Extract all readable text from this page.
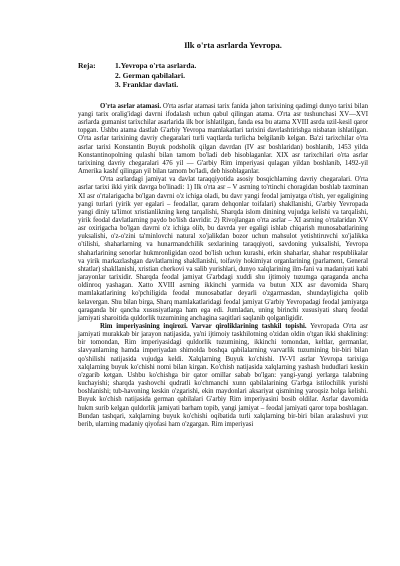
Ilk o'rta asrlarda Yevropa.
Reja:	1.Yevropa o'rta asrlarda.
2. German qabilalari.
3. Franklar davlati.

O'rta asrlar atamasi. O'rta asrlar atamasi tarix fanida jahon tarixining qadimgi dunyo tarixi bilan yangi tarix oralig'idagi davrni ifodalash uchun qabul qilingan atama. O'rta asr tushunchasi XV—XVI asrlarda gumanist tarixchilar asarlarida ilk bor ishlatilgan, fanda esa bu atama XVIII asrda uzil-kesil qaror topgan. Ushbu atama dastlab G'arbiy Yevropa mamlakatlari tarixini davrlashtirishga nisbatan ishlatilgan. O'rta asrlar tarixining davriy chegaralari turli vaqtlarda turlicha belgilanib kelgan. Ba'zi tarixchilar o'rta asrlar tarixi Konstantin Buyuk podsholik qilgan davrdan (IV asr boshlaridan) boshlanib, 1453 yilda Konstantinopolning qulashi bilan tamom bo'ladi deb hisoblaganlar. XIX asr tarixchilari o'rta asrlar tarixining davriy chegaralari 476 yil — G'arbiy Rim imperiyasi qulagan yildan boshlanib, 1492-yil Amerika kashf qilingan yil bilan tamom bo'ladi, deb hisoblaganlar.

O'rta asrlardagi jamiyat va davlat taraqqiyotida asosiy bosqichlarning davriy chegaralari. O'rta asrlar tarixi ikki yirik davrga bo'linadi: 1) Ilk o'rta asr – V asrning to'rtinchi choragidan boshlab taxminan XI asr o'rtalarigacha bo'lgan davrni o'z ichiga oladi, bu davr yangi feodal jamiyatga o'tish, yer egaligining yangi turlari (yirik yer egalari – feodallar, qaram dehqonlar toifalari) shakllanishi, G'arbiy Yevropada yangi diniy ta'limot xristianlikning keng tarqalishi, Sharqda islom dinining vujudga kelishi va tarqalishi, yirik feodal davlatlarning paydo bo'lish davridir. 2) Rivojlangan o'rta asrlar – XI asrning o'rtalaridan XV asr oxirigacha bo'lgan davrni o'z ichiga olib, bu davrda yer egaligi ishlab chiqarish munosabatlarining yuksalishi, o'z-o'zini ta'minlovchi natural xo'jalikdan bozor uchun mahsulot yetishtiruvchi xo'jalikka o'tilishi, shaharlarning va hunarmandchilik sexlarining taraqqiyoti, savdoning yuksalishi, Yevropa shaharlarining senorlar hukmronligidan ozod bo'lish uchun kurashi, erkin shaharlar, shahar respublikalar va yirik markazlashgan davlatlarning shakllanishi, toifaviy hokimiyat organlarining (parlament, General shtatlar) shakllanishi, xristian cherkovi va salib yurishlari, dunyo xalqlarining ilm-fani va madaniyati kabi jarayonlar tarixidir. Sharqda feodal jamiyat G'arbdagi xuddi shu ijtimoiy tuzumga qaraganda ancha oldinroq yashagan. Xatto XVIII asrning ikkinchi yarmida va butun XIX asr davomida Sharq mamlakatlarining ko'pchiligida feodal munosabatlar deyarli o'zgarmasdan, shundayligicha qolib kelavergan. Shu bilan birga, Sharq mamlakatlaridagi feodal jamiyat G'arbiy Yevropadagi feodal jamiyatga qaraganda bir qancha xususiyatlarga ham ega edi. Jumladan, uning birinchi xususiyati sharq feodal jamiyati sharoitida quldorlik tuzumining anchagina saqitlari saqlanib qolganligidir.

Rim imperiyasining inqirozi. Varvar qiroliklarining tashkil topishi. Yevropada O'rta asr jamiyati murakkab bir jarayon natijasida, ya'ni ijtimoiy taskhilotning o'zidan oldin o'tgan ikki shaklining: bir tomondan, Rim imperiyasidagi quldorlik tuzumining, ikkinchi tomondan, keltlar, germanlar, slavyanlarning hamda imperiyadan shimolda boshqa qabilalarning varvarlik tuzumining bir-biri bilan qo'shilishi natijasida vujudga keldi. Xalqlarning Buyuk ko'chishi. IV-VI asrlar Yevropa tarixiga xalqlarning buyuk ko'chishi nomi bilan kirgan. Ko'chish natijasida xalqlarning yashash hududlari keskin o'zgarib ketgan. Ushbu ko'chishga bir qator omillar sabab bo'lgan: yangi-yangi yerlarga talabning kuchayishi; sharqda yashovchi qudratli ko'chmanchi xunn qabilalarining G'arbga istilochilik yurishi boshlanishi; tub-havoning keskin o'zgarishi, ekin maydonlari aksariyat qismining yaroqsiz holga kelishi. Buyuk ko'chish natijasida german qabilalari G'arbiy Rim imperiyasini bosib oldilar. Asrlar davomida hukm surib kelgan quldorlik jamiyati barham topib, yangi jamiyat – feodal jamiyati qaror topa boshlagan. Bundan tashqari, xalqlarning buyuk ko'chishi oqibatida turli xalqlarning bir-biri bilan aralashuvi yuz berib, ularning madaniy qiyofasi ham o'zgargan. Rim imperiyasi
